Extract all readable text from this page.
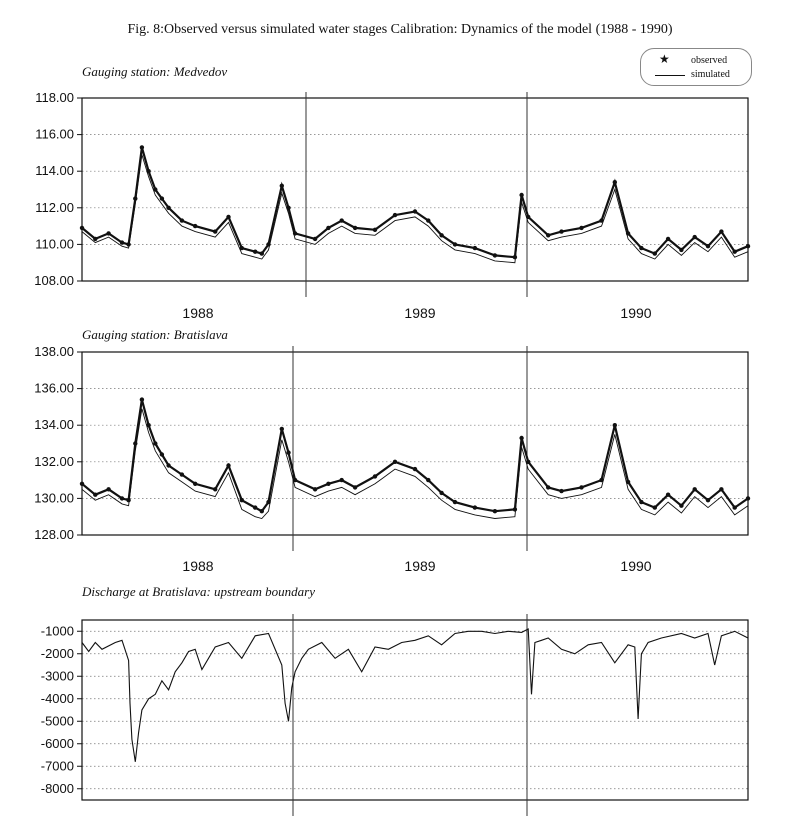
Fig. 8:Observed versus simulated water stages Calibration: Dynamics of the model (1988 - 1990)
★ observed
simulated
Gauging station: Medvedov
Gauging station: Bratislava
Discharge at Bratislava: upstream boundary
118.00
116.00
114.00
112.00
110.00
108.00
1988	1989	1990
138.00
136.00
134.00
132.00
130.00
128.00
1988	1989	1990
-1000
-2000
-3000
-4000
-5000
-6000
-7000
-8000
